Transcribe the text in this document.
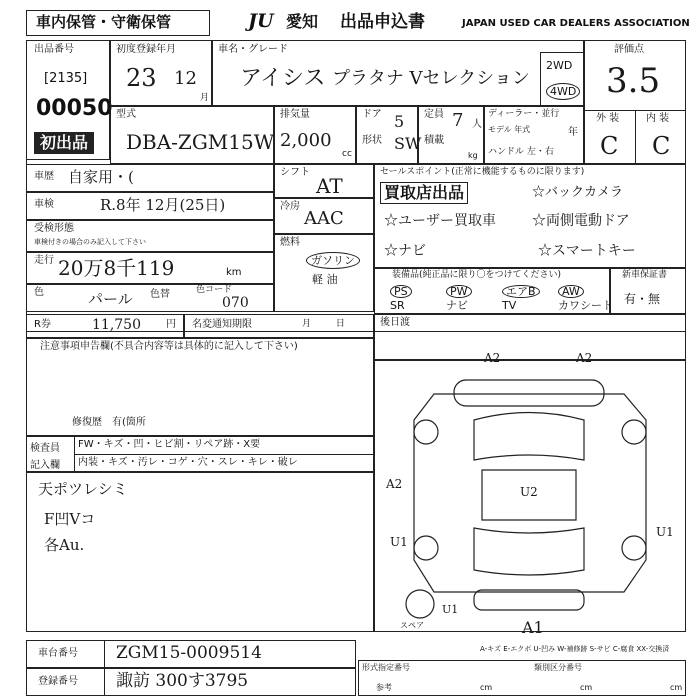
車内保管・守衛保管	JU 愛知 出品申込書	JAPAN USED CAR DEALERS ASSOCIATION
出品番号
[2135]
00050
初出品
初度登録年月
23 12
月
車名・グレード
アイシス プラタナ Vセレクション
2WD
4WD
評価点
3.5
外 装	内 装
C C
型式
DBA-ZGM15W
排気量
2,000
cc
ドア 5
形状 SW
定員 7 人
積載
kg
ディーラー・並行
モデル 年式	年
ハンドル 左・右
車歴 自家用・(
車検	R.8年 12月(25日)
受検形態
車検付きの場合のみ記入して下さい
走行 20万8千119	km
色	パール 色替	色コード
070
シフト
AT
冷房
AAC
燃料
ガソリン
軽 油
セールスポイント(正常に機能するものに限ります)
買取店出品	☆バックカメラ
☆ユーザー買取車	☆両側電動ドア
☆ナビ	☆スマートキー
装備品(純正品に限り〇をつけてください)
PS	PW	エアB	AW
SR	ナビ	TV	カワシート
新車保証書
有・無
R券	11,750	円 名変通知期限	月 日	後日渡
注意事項申告欄(不具合内容等は具体的に記入して下さい)
修復歴　有(箇所
検査員 記入欄
FW・キズ・凹・ヒビ割・リペア跡・X要
内装・キズ・汚レ・コゲ・穴・スレ・キレ・破レ
天ポツレシミ
F凹Vコ
各Au.
A2	A2
U2
A2
U1
U1
A1
U1
スペア
A-キズ E-エクボ U-凹み W-補修跡 S-サビ C-腐食 XX-交換済
車台番号 ZGM15-0009514
登録番号 諏訪 300す3795
形式指定番号	類別区分番号
参考	cm	cm	cm
